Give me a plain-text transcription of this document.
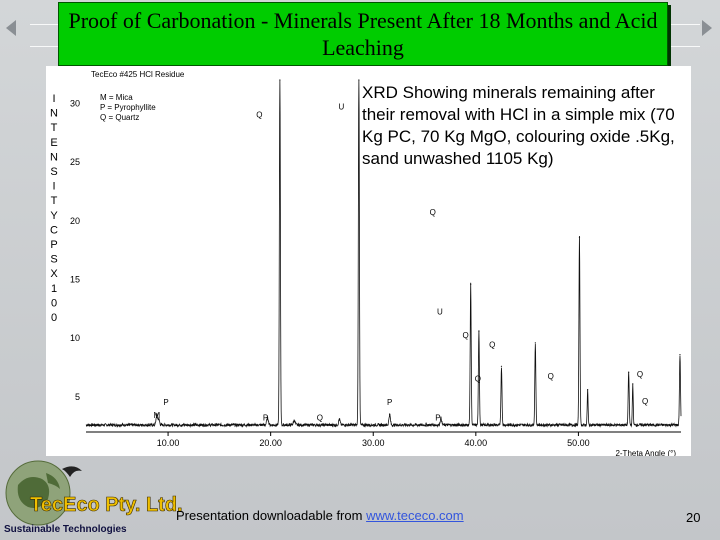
Proof of Carbonation - Minerals Present After 18 Months and Acid Leaching
10.00	20.00	30.00	40.00	50.00
5
10
15
20
25
30
I
N
T
E
N
S
I
T
Y
C
P
S
X
1
0
0
TecEco #425 HCl Residue
M = Mica
P = Pyrophyllite
Q = Quartz
2-Theta Angle (°)
P
M	P
Q
U
Q
P
Q
U
P
Q
Q
Q	Q	Q
Q
XRD Showing minerals remaining after their removal with HCl in a simple mix (70 Kg PC, 70 Kg MgO, colouring oxide .5Kg, sand unwashed 1105 Kg)
TecEco Pty. Ltd.
Sustainable Technologies
Presentation downloadable from www.tececo.com	20
